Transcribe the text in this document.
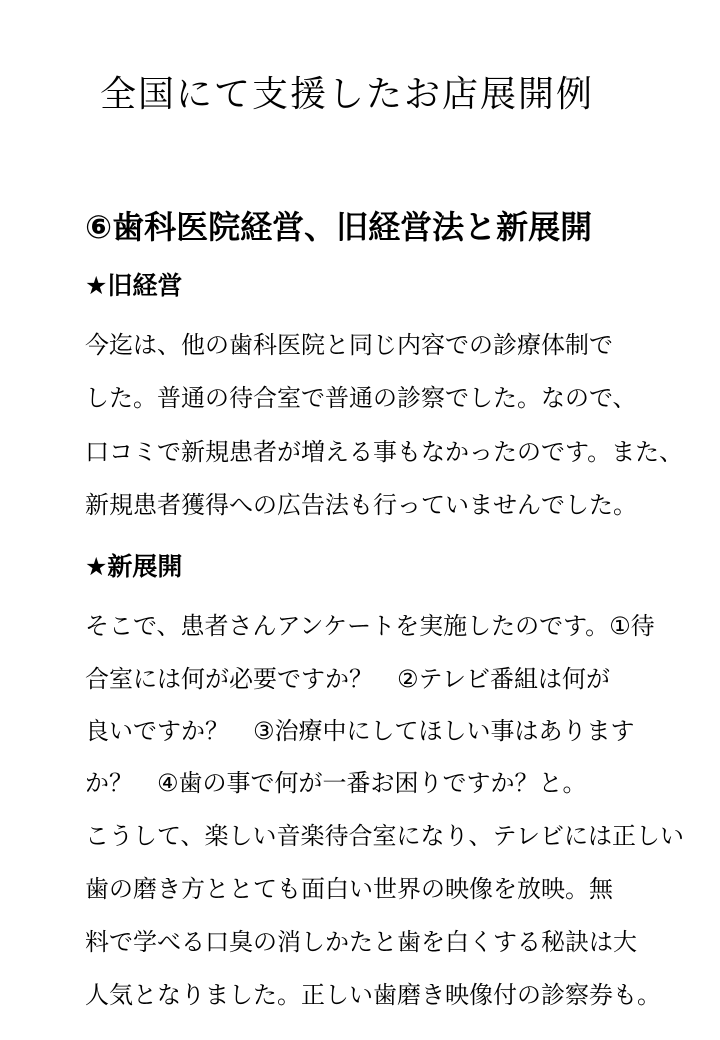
全国にて支援したお店展開例
⑥歯科医院経営、旧経営法と新展開
★旧経営
今迄は、他の歯科医院と同じ内容での診療体制で
した。普通の待合室で普通の診察でした。なので、
口コミで新規患者が増える事もなかったのです。また、
新規患者獲得への広告法も行っていませんでした。
★新展開
そこで、患者さんアンケートを実施したのです。①待
合室には何が必要ですか？　②テレビ番組は何が
良いですか？　③治療中にしてほしい事はあります
か？　④歯の事で何が一番お困りですか？と。
こうして、楽しい音楽待合室になり、テレビには正しい
歯の磨き方ととても面白い世界の映像を放映。無
料で学べる口臭の消しかたと歯を白くする秘訣は大
人気となりました。正しい歯磨き映像付の診察券も。
